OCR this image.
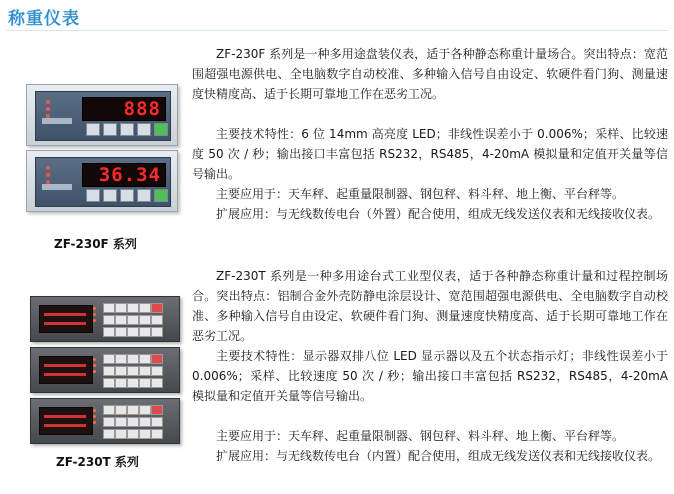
称重仪表
888
36.34
ZF-230F 系列

ZF-230F 系列是一种多用途盘装仪表，适于各种静态称重计量场合。突出特点：宽范围超强电源供电、全电脑数字自动校准、多种输入信号自由设定、软硬件看门狗、测量速度快精度高、适于长期可靠地工作在恶劣工况。

主要技术特性：6 位 14mm 高亮度 LED；非线性误差小于 0.006%；采样、比较速度 50 次 / 秒；输出接口丰富包括 RS232，RS485，4-20mA 模拟量和定值开关量等信号输出。

主要应用于：天车秤、起重量限制器、钢包秤、料斗秤、地上衡、平台秤等。

扩展应用：与无线数传电台（外置）配合使用，组成无线发送仪表和无线接收仪表。

ZF-230T 系列

ZF-230T 系列是一种多用途台式工业型仪表，适于各种静态称重计量和过程控制场合。突出特点：铝制合金外壳防静电涂层设计、宽范围超强电源供电、全电脑数字自动校准、多种输入信号自由设定、软硬件看门狗、测量速度快精度高、适于长期可靠地工作在恶劣工况。

主要技术特性：显示器双排八位 LED 显示器以及五个状态指示灯；非线性误差小于 0.006%；采样、比较速度 50 次 / 秒；输出接口丰富包括 RS232，RS485，4-20mA 模拟量和定值开关量等信号输出。

主要应用于：天车秤、起重量限制器、钢包秤、料斗秤、地上衡、平台秤等。

扩展应用：与无线数传电台（内置）配合使用，组成无线发送仪表和无线接收仪表。
